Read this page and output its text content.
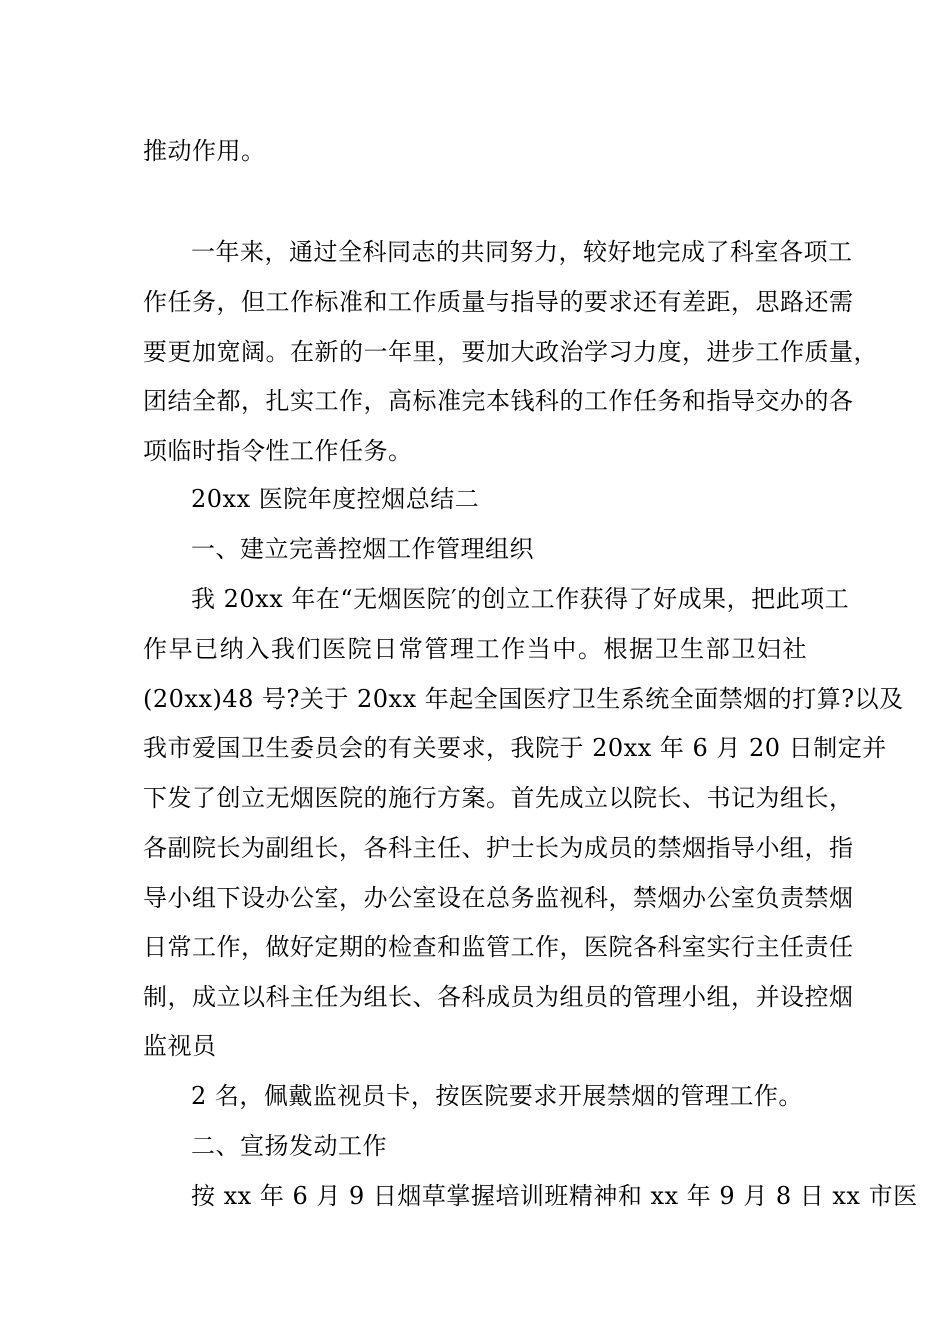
推动作用。
一年来，通过全科同志的共同努力，较好地完成了科室各项工
作任务，但工作标准和工作质量与指导的要求还有差距，思路还需
要更加宽阔。在新的一年里，要加大政治学习力度，进步工作质量，
团结全都，扎实工作，高标准完本钱科的工作任务和指导交办的各
项临时指令性工作任务。
20xx 医院年度控烟总结二
一、建立完善控烟工作管理组织
我 20xx 年在“无烟医院′的创立工作获得了好成果，把此项工
作早已纳入我们医院日常管理工作当中。根据卫生部卫妇社
(20xx)48 号?关于 20xx 年起全国医疗卫生系统全面禁烟的打算?以及
我市爱国卫生委员会的有关要求，我院于 20xx 年 6 月 20 日制定并
下发了创立无烟医院的施行方案。首先成立以院长、书记为组长，
各副院长为副组长，各科主任、护士长为成员的禁烟指导小组，指
导小组下设办公室，办公室设在总务监视科，禁烟办公室负责禁烟
日常工作，做好定期的检查和监管工作，医院各科室实行主任责任
制，成立以科主任为组长、各科成员为组员的管理小组，并设控烟
监视员
2 名，佩戴监视员卡，按医院要求开展禁烟的管理工作。
二、宣扬发动工作
按 xx 年 6 月 9 日烟草掌握培训班精神和 xx 年 9 月 8 日 xx 市医
